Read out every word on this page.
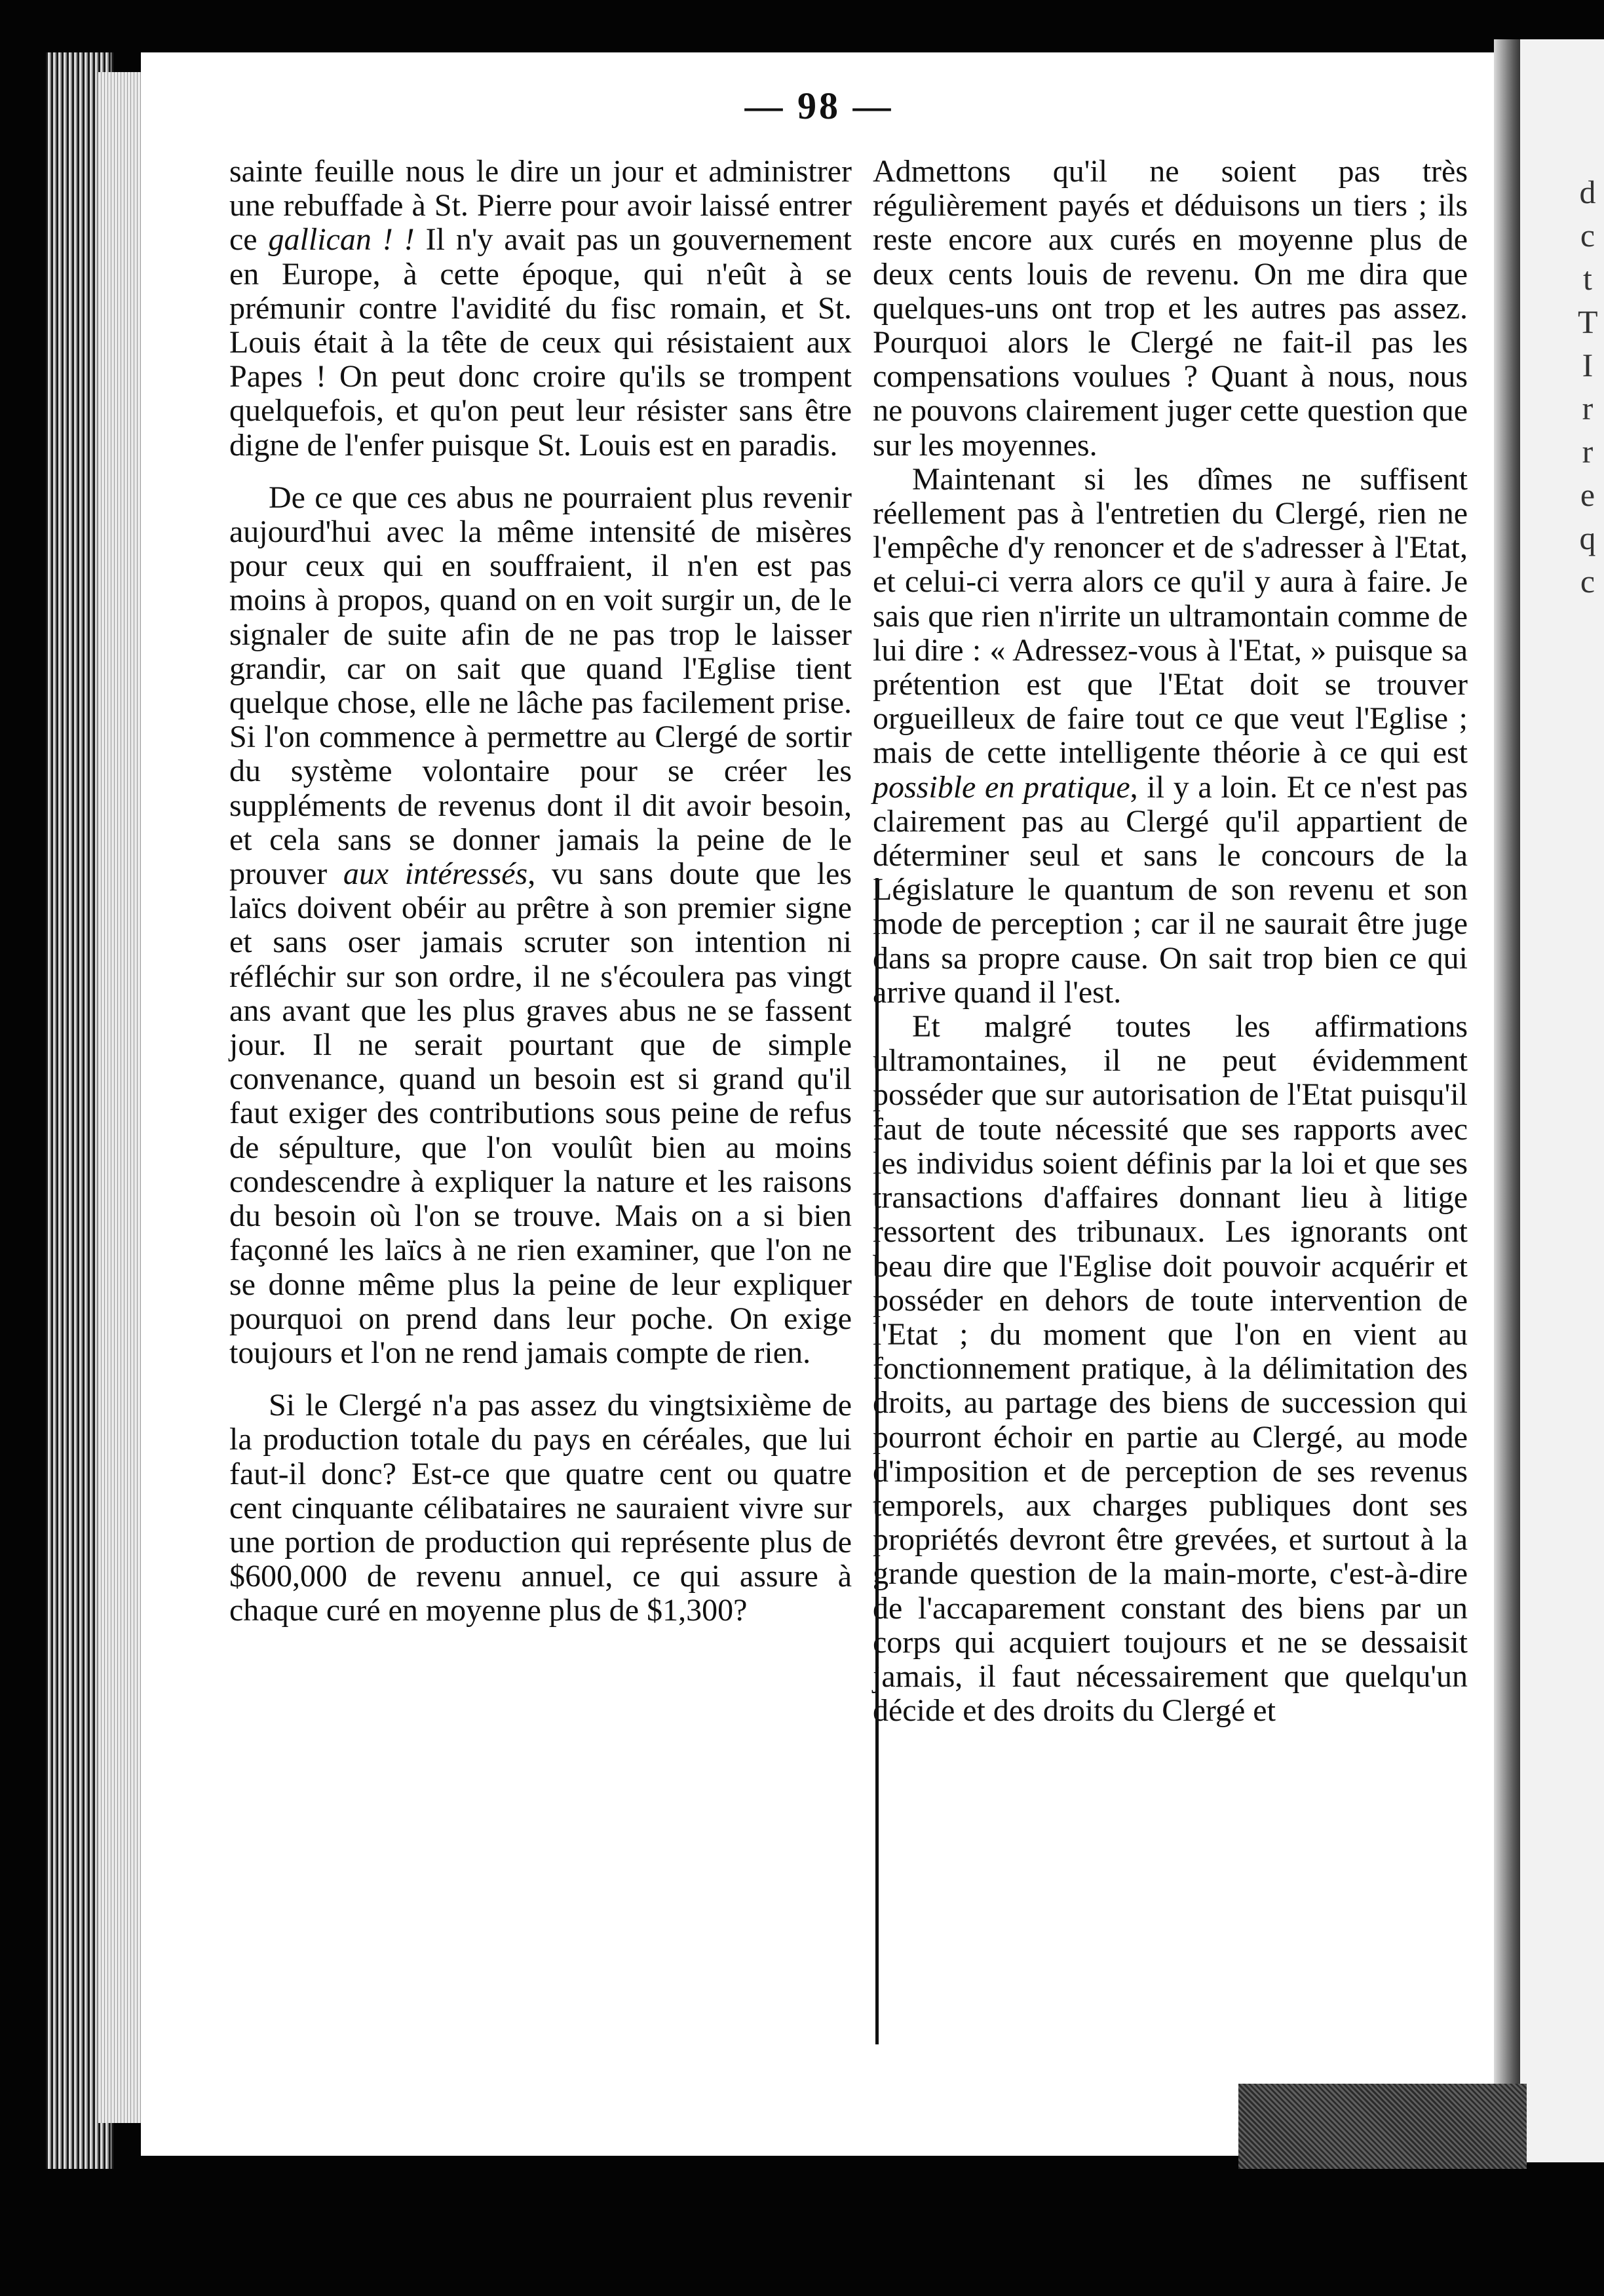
d
c
t
T
I
r
r
e
q
c
— 98 —

sainte feuille nous le dire un jour et administrer une rebuffade à St. Pierre pour avoir laissé entrer ce gallican ! ! Il n'y avait pas un gouvernement en Europe, à cette époque, qui n'eût à se prémunir contre l'avidité du fisc romain, et St. Louis était à la tête de ceux qui résistaient aux Papes ! On peut donc croire qu'ils se trompent quelquefois, et qu'on peut leur résister sans être digne de l'enfer puisque St. Louis est en paradis.

De ce que ces abus ne pourraient plus revenir aujourd'hui avec la même intensité de misères pour ceux qui en souffraient, il n'en est pas moins à propos, quand on en voit surgir un, de le signaler de suite afin de ne pas trop le laisser grandir, car on sait que quand l'Eglise tient quelque chose, elle ne lâche pas facilement prise. Si l'on commence à permettre au Clergé de sortir du système volontaire pour se créer les suppléments de revenus dont il dit avoir besoin, et cela sans se donner jamais la peine de le prouver aux intéressés, vu sans doute que les laïcs doivent obéir au prêtre à son premier signe et sans oser jamais scruter son intention ni réfléchir sur son ordre, il ne s'écoulera pas vingt ans avant que les plus graves abus ne se fassent jour. Il ne serait pourtant que de simple convenance, quand un besoin est si grand qu'il faut exiger des contributions sous peine de refus de sépulture, que l'on voulût bien au moins condescendre à expliquer la nature et les raisons du besoin où l'on se trouve. Mais on a si bien façonné les laïcs à ne rien examiner, que l'on ne se donne même plus la peine de leur expliquer pourquoi on prend dans leur poche. On exige toujours et l'on ne rend jamais compte de rien.

Si le Clergé n'a pas assez du vingtsixième de la production totale du pays en céréales, que lui faut-il donc? Est-ce que quatre cent ou quatre cent cinquante célibataires ne sauraient vivre sur une portion de production qui représente plus de $600,000 de revenu annuel, ce qui assure à chaque curé en moyenne plus de $1,300?

Admettons qu'il ne soient pas très régulièrement payés et déduisons un tiers ; ils reste encore aux curés en moyenne plus de deux cents louis de revenu. On me dira que quelques-uns ont trop et les autres pas assez. Pourquoi alors le Clergé ne fait-il pas les compensations voulues ? Quant à nous, nous ne pouvons clairement juger cette question que sur les moyennes.

Maintenant si les dîmes ne suffisent réellement pas à l'entretien du Clergé, rien ne l'empêche d'y renoncer et de s'adresser à l'Etat, et celui-ci verra alors ce qu'il y aura à faire. Je sais que rien n'irrite un ultramontain comme de lui dire : « Adressez-vous à l'Etat, » puisque sa prétention est que l'Etat doit se trouver orgueilleux de faire tout ce que veut l'Eglise ; mais de cette intelligente théorie à ce qui est possible en pratique, il y a loin. Et ce n'est pas clairement pas au Clergé qu'il appartient de déterminer seul et sans le concours de la Législature le quantum de son revenu et son mode de perception ; car il ne saurait être juge dans sa propre cause. On sait trop bien ce qui arrive quand il l'est.

Et malgré toutes les affirmations ultramontaines, il ne peut évidemment posséder que sur autorisation de l'Etat puisqu'il faut de toute nécessité que ses rapports avec les individus soient définis par la loi et que ses transactions d'affaires donnant lieu à litige ressortent des tribunaux. Les ignorants ont beau dire que l'Eglise doit pouvoir acquérir et posséder en dehors de toute intervention de l'Etat ; du moment que l'on en vient au fonctionnement pratique, à la délimitation des droits, au partage des biens de succession qui pourront échoir en partie au Clergé, au mode d'imposition et de perception de ses revenus temporels, aux charges publiques dont ses propriétés devront être grevées, et surtout à la grande question de la main-morte, c'est-à-dire de l'accaparement constant des biens par un corps qui acquiert toujours et ne se dessaisit jamais, il faut nécessairement que quelqu'un décide et des droits du Clergé et
